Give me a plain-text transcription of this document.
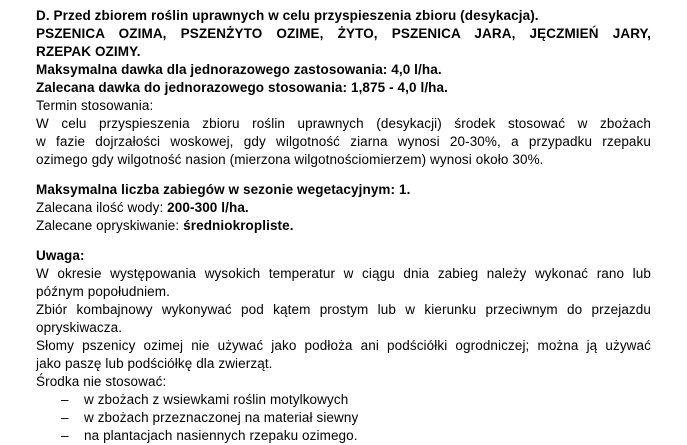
D. Przed zbiorem roślin uprawnych w celu przyspieszenia zbioru (desykacja).
PSZENICA OZIMA, PSZENŻYTO OZIME, ŻYTO, PSZENICA JARA, JĘCZMIEŃ JARY,
RZEPAK OZIMY.
Maksymalna dawka dla jednorazowego zastosowania: 4,0 l/ha.
Zalecana dawka do jednorazowego stosowania: 1,875 - 4,0 l/ha.
Termin stosowania:
W celu przyspieszenia zbioru roślin uprawnych (desykacji) środek stosować w zbożach
w fazie dojrzałości woskowej, gdy wilgotność ziarna wynosi 20-30%, a przypadku rzepaku
ozimego gdy wilgotność nasion (mierzona wilgotnościomierzem) wynosi około 30%.
Maksymalna liczba zabiegów w sezonie wegetacyjnym: 1.
Zalecana ilość wody: 200-300 l/ha.
Zalecane opryskiwanie: średniokropliste.
Uwaga:
W okresie występowania wysokich temperatur w ciągu dnia zabieg należy wykonać rano lub
późnym popołudniem.
Zbiór kombajnowy wykonywać pod kątem prostym lub w kierunku przeciwnym do przejazdu
opryskiwacza.
Słomy pszenicy ozimej nie używać jako podłoża ani podściółki ogrodniczej; można ją używać
jako paszę lub podściółkę dla zwierząt.
Środka nie stosować:
–	w zbożach z wsiewkami roślin motylkowych
–	w zbożach przeznaczonej na materiał siewny
–	na plantacjach nasiennych rzepaku ozimego.
